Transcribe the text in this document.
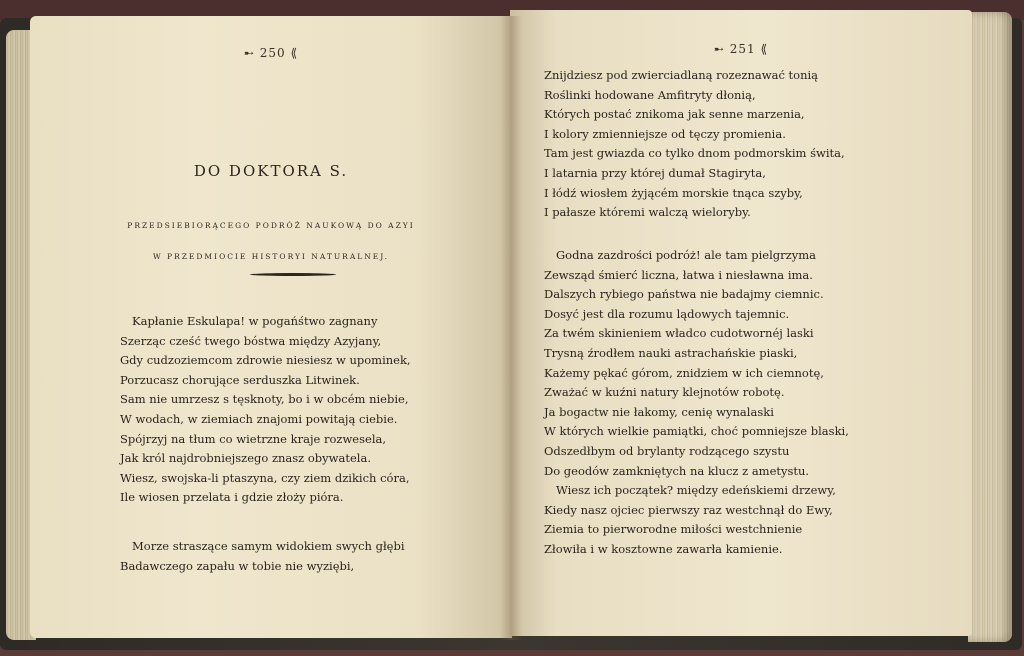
➸ 250 ⟪
DO DOKTORA S.
PRZEDSIEBIORĄCEGO PODRÓŻ NAUKOWĄ DO AZYI
W PRZEDMIOCIE HISTORYI NATURALNEJ.
Kapłanie Eskulapa! w pogańśtwo zagnany
Szerząc cześć twego bóstwa między Azyjany,
Gdy cudzoziemcom zdrowie niesiesz w upominek,
Porzucasz chorujące serduszka Litwinek.
Sam nie umrzesz s tęsknoty, bo i w obcém niebie,
W wodach, w ziemiach znajomi powitają ciebie.
Spójrzyj na tłum co wietrzne kraje rozwesela,
Jak król najdrobniejszego znasz obywatela.
Wiesz, swojska-li ptaszyna, czy ziem dzikich córa,
Ile wiosen przelata i gdzie złoży pióra.
Morze straszące samym widokiem swych głębi
Badawczego zapału w tobie nie wyziębi,
➸ 251 ⟪
Znijdziesz pod zwierciadlaną rozeznawać tonią
Roślinki hodowane Amfitryty dłonią,
Których postać znikoma jak senne marzenia,
I kolory zmienniejsze od tęczy promienia.
Tam jest gwiazda co tylko dnom podmorskim świta,
I latarnia przy której dumał Stagiryta,
I łódź wiosłem żyjącém morskie tnąca szyby,
I pałasze któremi walczą wieloryby.
Godna zazdrości podróż! ale tam pielgrzyma
Zewsząd śmierć liczna, łatwa i niesławna ima.
Dalszych rybiego państwa nie badajmy ciemnic.
Dosyć jest dla rozumu lądowych tajemnic.
Za twém skinieniem władco cudotwornéj laski
Trysną źrodłem nauki astrachańskie piaski,
Każemy pękać górom, znidziem w ich ciemnotę,
Zważać w kuźni natury klejnotów robotę.
Ja bogactw nie łakomy, cenię wynalaski
W których wielkie pamiątki, choć pomniejsze blaski,
Odszedłbym od brylanty rodzącego szystu
Do geodów zamkniętych na klucz z ametystu.
Wiesz ich początek? między edeńskiemi drzewy,
Kiedy nasz ojciec pierwszy raz westchnął do Ewy,
Ziemia to pierworodne miłości westchnienie
Złowiła i w kosztowne zawarła kamienie.
